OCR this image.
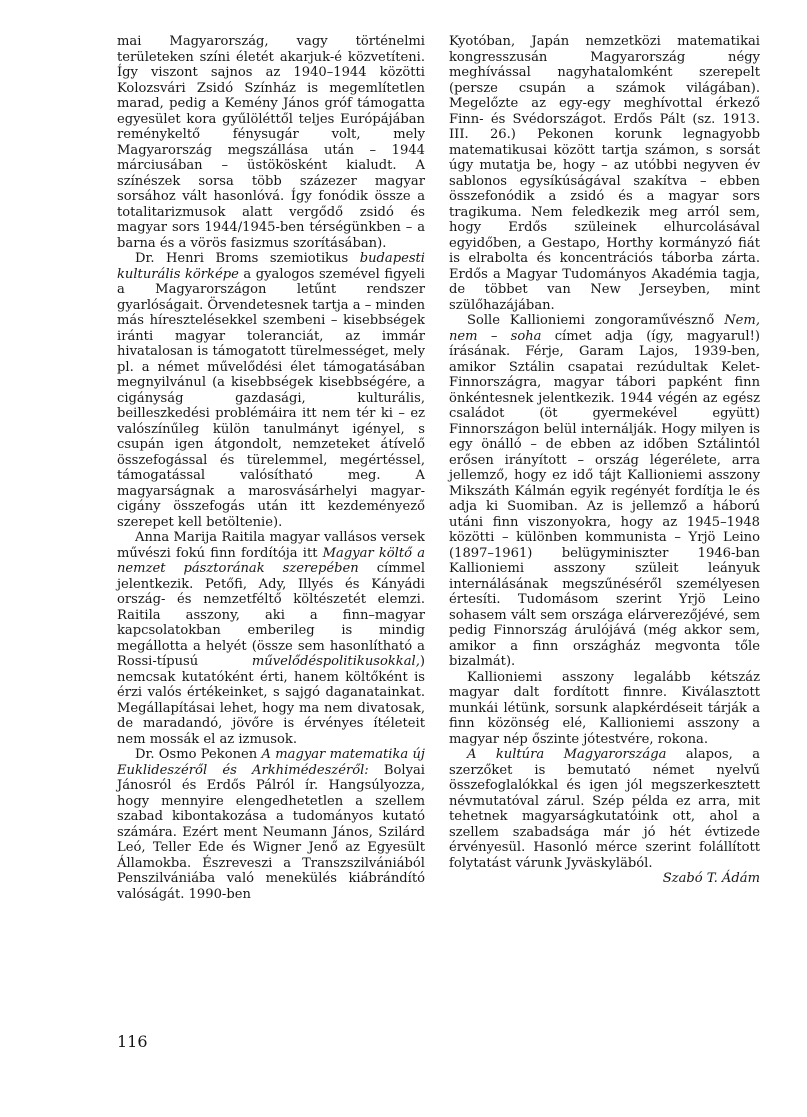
mai Magyarország, vagy történelmi területeken színi életét akarjuk-é közvetíteni. Így viszont sajnos az 1940–1944 közötti Kolozsvári Zsidó Színház is megemlítetlen marad, pedig a Kemény János gróf támogatta egyesület kora gyűlöléttől teljes Európájában reménykeltő fénysugár volt, mely Magyarország megszállása után – 1944 márciusában – üstökösként kialudt. A színészek sorsa több százezer magyar sorsához vált hasonlóvá. Így fonódik össze a totalitarizmusok alatt vergődő zsidó és magyar sors 1944/1945-ben térségünkben – a barna és a vörös fasizmus szorításában).

Dr. Henri Broms szemiotikus budapesti kulturális körképe a gyalogos szemével figyeli a Magyarországon letűnt rendszer gyarlóságait. Örvendetesnek tartja a – minden más híresztelésekkel szembeni – kisebbségek iránti magyar toleranciát, az immár hivatalosan is támogatott türelmességet, mely pl. a német művelődési élet támogatásában megnyilvánul (a kisebbségek kisebbségére, a cigányság gazdasági, kulturális, beilleszkedési problémáira itt nem tér ki – ez valószínűleg külön tanulmányt igényel, s csupán igen átgondolt, nemzeteket átívelő összefogással és türelemmel, megértéssel, támogatással valósítható meg. A magyarságnak a marosvásárhelyi magyar-cigány összefogás után itt kezdeményező szerepet kell betöltenie).

Anna Marija Raitila magyar vallásos versek művészi fokú finn fordítója itt Magyar költő a nemzet pásztorának szerepében címmel jelentkezik. Petőfi, Ady, Illyés és Kányádi ország- és nemzetféltő költészetét elemzi. Raitila asszony, aki a finn–magyar kapcsolatokban emberileg is mindig megállotta a helyét (össze sem hasonlítható a Rossi-típusú művelődéspolitikusokkal,) nemcsak kutatóként érti, hanem költőként is érzi valós értékeinket, s sajgó daganatainkat. Megállapításai lehet, hogy ma nem divatosak, de maradandó, jövőre is érvényes ítéleteit nem mossák el az izmusok.

Dr. Osmo Pekonen A magyar matematika új Euklideszéről és Arkhimédeszéről: Bolyai Jánosról és Erdős Pálról ír. Hangsúlyozza, hogy mennyire elengedhetetlen a szellem szabad kibontakozása a tudományos kutató számára. Ezért ment Neumann János, Szilárd Leó, Teller Ede és Wigner Jenő az Egyesült Államokba. Észreveszi a Transzszilvániából Penszilvániába való menekülés kiábrándító valóságát. 1990-ben

Kyotóban, Japán nemzetközi matematikai kongresszusán Magyarország négy meghívással nagyhatalomként szerepelt (persze csupán a számok világában). Megelőzte az egy-egy meghívottal érkező Finn- és Svédországot. Erdős Pált (sz. 1913. III. 26.) Pekonen korunk legnagyobb matematikusai között tartja számon, s sorsát úgy mutatja be, hogy – az utóbbi negyven év sablonos egysíkúságával szakítva – ebben összefonódik a zsidó és a magyar sors tragikuma. Nem feledkezik meg arról sem, hogy Erdős szüleinek elhurcolásával egyidőben, a Gestapo, Horthy kormányzó fiát is elrabolta és koncentrációs táborba zárta. Erdős a Magyar Tudományos Akadémia tagja, de többet van New Jerseyben, mint szülőhazájában.

Solle Kallioniemi zongoraművésznő Nem, nem – soha címet adja (így, magyarul!) írásának. Férje, Garam Lajos, 1939-ben, amikor Sztálin csapatai rezúdultak Kelet-Finnországra, magyar tábori papként finn önkéntesnek jelentkezik. 1944 végén az egész családot (öt gyermekével együtt) Finnországon belül internálják. Hogy milyen is egy önálló – de ebben az időben Sztálintól erősen irányított – ország légerélete, arra jellemző, hogy ez idő tájt Kallioniemi asszony Mikszáth Kálmán egyik regényét fordítja le és adja ki Suomiban. Az is jellemző a háború utáni finn viszonyokra, hogy az 1945–1948 közötti – különben kommunista – Yrjö Leino (1897–1961) belügyminiszter 1946-ban Kallioniemi asszony szüleit leányuk internálásának megszűnéséről személyesen értesíti. Tudomásom szerint Yrjö Leino sohasem vált sem országa elárverezőjévé, sem pedig Finnország árulójává (még akkor sem, amikor a finn országház megvonta tőle bizalmát).

Kallioniemi asszony legalább kétszáz magyar dalt fordított finnre. Kiválasztott munkái létünk, sorsunk alapkérdéseit tárják a finn közönség elé, Kallioniemi asszony a magyar nép őszinte jótestvére, rokona.

A kultúra Magyarországa alapos, a szerzőket is bemutató német nyelvű összefoglalókkal és igen jól megszerkesztett névmutatóval zárul. Szép példa ez arra, mit tehetnek magyarságkutatóink ott, ahol a szellem szabadsága már jó hét évtizede érvényesül. Hasonló mérce szerint folállított folytatást várunk Jyväskyläból.

Szabó T. Ádám

116
